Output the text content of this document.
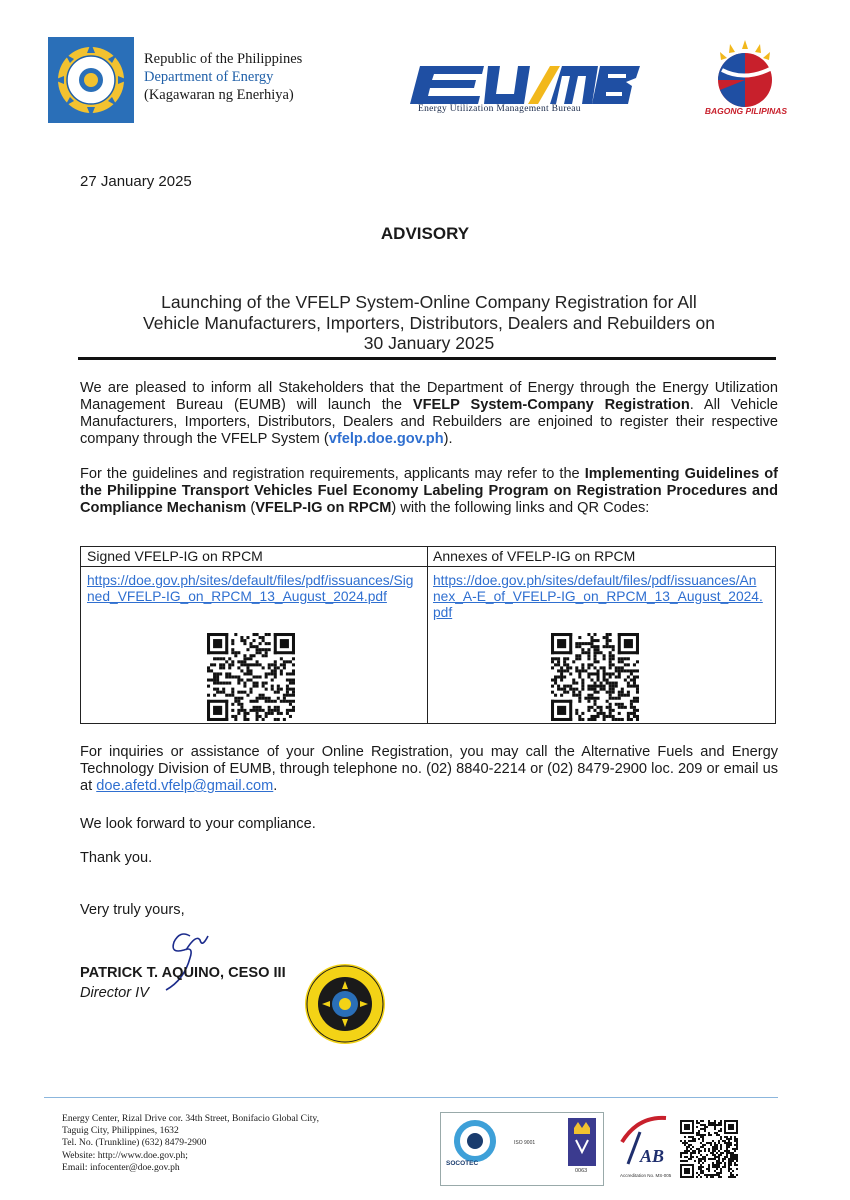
Republic of the Philippines
Department of Energy
(Kagawaran ng Enerhiya)
Energy Utilization Management Bureau	BAGONG PILIPINAS
27 January 2025
ADVISORY
Launching of the VFELP System-Online Company Registration for All
Vehicle Manufacturers, Importers, Distributors, Dealers and Rebuilders on
30 January 2025
We are pleased to inform all Stakeholders that the Department of Energy through the Energy Utilization Management Bureau (EUMB) will launch the VFELP System-Company Registration. All Vehicle Manufacturers, Importers, Distributors, Dealers and Rebuilders are enjoined to register their respective company through the VFELP System (vfelp.doe.gov.ph).
For the guidelines and registration requirements, applicants may refer to the Implementing Guidelines of the Philippine Transport Vehicles Fuel Economy Labeling Program on Registration Procedures and Compliance Mechanism (VFELP-IG on RPCM) with the following links and QR Codes:
Signed VFELP-IG on RPCM
https://doe.gov.ph/sites/default/files/pdf/issuances/Signed_VFELP-IG_on_RPCM_13_August_2024.pdf
Annexes of VFELP-IG on RPCM
https://doe.gov.ph/sites/default/files/pdf/issuances/Annex_A-E_of_VFELP-IG_on_RPCM_13_August_2024.pdf
For inquiries or assistance of your Online Registration, you may call the Alternative Fuels and Energy Technology Division of EUMB, through telephone no. (02) 8840-2214 or (02) 8479-2900 loc. 209 or email us at doe.afetd.vfelp@gmail.com.
We look forward to your compliance.
Thank you.
Very truly yours,
PATRICK T. AQUINO, CESO III
Director IV
Energy Center, Rizal Drive cor. 34th Street, Bonifacio Global City,
Taguig City, Philippines, 1632
Tel. No. (Trunkline) (632) 8479-2900
Website: http://www.doe.gov.ph;
Email: infocenter@doe.gov.ph	SOCOTEC
ISO 9001
0063
AB
Accreditation No. MS-005
